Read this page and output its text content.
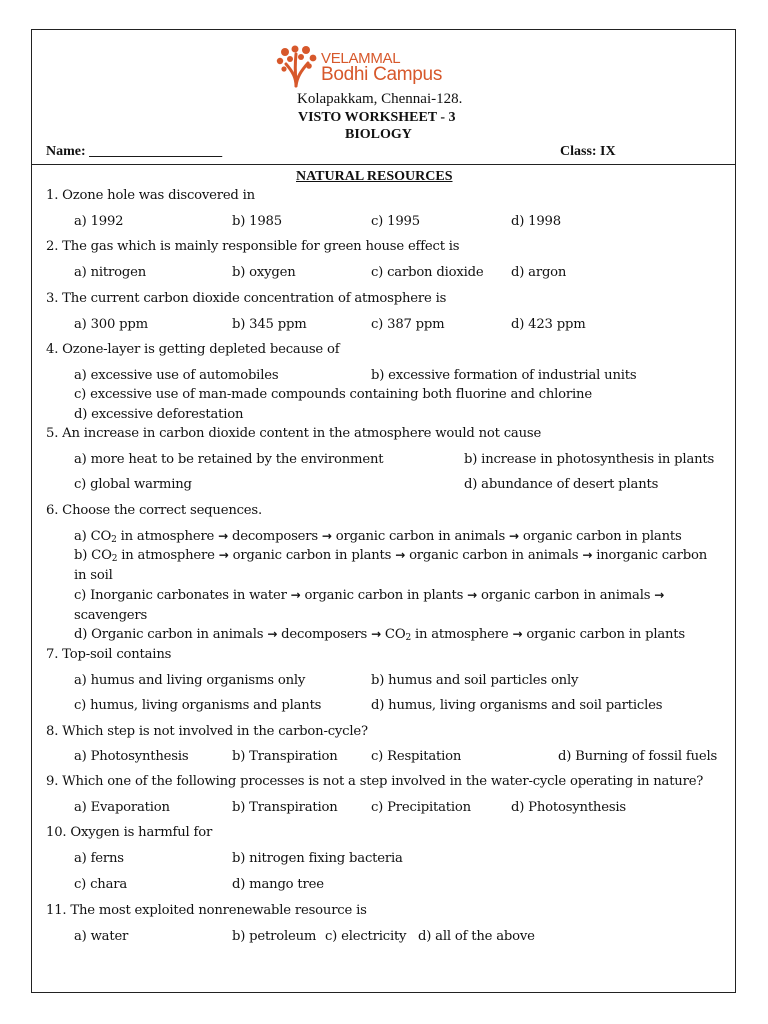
VELAMMAL
Bodhi Campus
Kolapakkam, Chennai-128.
VISTO WORKSHEET - 3
BIOLOGY
Name: ___________________	Class: IX
NATURAL RESOURCES
1. Ozone hole was discovered in
a) 1992	b) 1985	c) 1995	d) 1998
2. The gas which is mainly responsible for green house effect is
a) nitrogen	b) oxygen	c) carbon dioxide d) argon
3. The current carbon dioxide concentration of atmosphere is
a) 300 ppm	b) 345 ppm	c) 387 ppm	d) 423 ppm
4. Ozone-layer is getting depleted because of
a) excessive use of automobiles	b) excessive formation of industrial units
c) excessive use of man-made compounds containing both fluorine and chlorine
d) excessive deforestation
5. An increase in carbon dioxide content in the atmosphere would not cause
a) more heat to be retained by the environment	b) increase in photosynthesis in plants
c) global warming	d) abundance of desert plants
6. Choose the correct sequences.
a) $CO_2$ in atmosphere → decomposers → organic carbon in animals → organic carbon in plants
b) $CO_2$ in atmosphere → organic carbon in plants → organic carbon in animals → inorganic carbon
in soil
c) Inorganic carbonates in water → organic carbon in plants → organic carbon in animals →
scavengers
d) Organic carbon in animals → decomposers → $CO_2$ in atmosphere → organic carbon in plants
7. Top-soil contains
a) humus and living organisms only	b) humus and soil particles only
c) humus, living organisms and plants	d) humus, living organisms and soil particles
8. Which step is not involved in the carbon-cycle?
a) Photosynthesis	b) Transpiration	c) Respitation	d) Burning of fossil fuels
9. Which one of the following processes is not a step involved in the water-cycle operating in nature?
a) Evaporation	b) Transpiration	c) Precipitation	d) Photosynthesis
10. Oxygen is harmful for
a) ferns	b) nitrogen fixing bacteria
c) chara	d) mango tree
11. The most exploited nonrenewable resource is
a) water	b) petroleum c) electricity d) all of the above
